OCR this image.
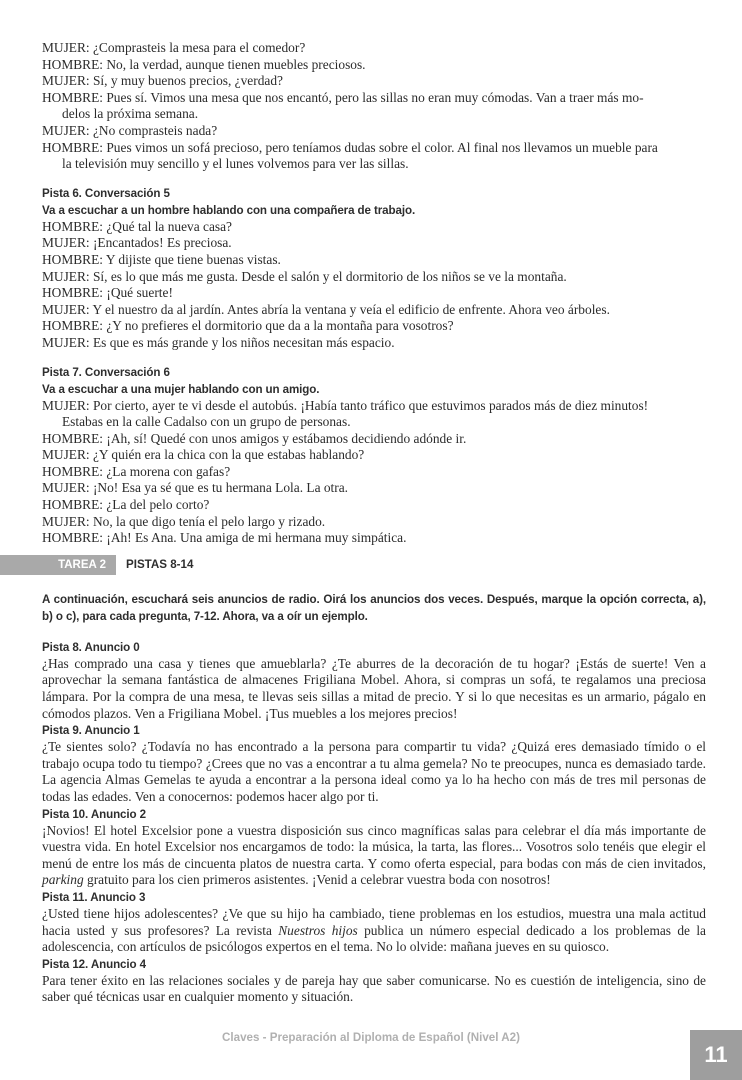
MUJER: ¿Comprasteis la mesa para el comedor?

HOMBRE: No, la verdad, aunque tienen muebles preciosos.

MUJER: Sí, y muy buenos precios, ¿verdad?

HOMBRE: Pues sí. Vimos una mesa que nos encantó, pero las sillas no eran muy cómodas. Van a traer más mo-

delos la próxima semana.

MUJER: ¿No comprasteis nada?

HOMBRE: Pues vimos un sofá precioso, pero teníamos dudas sobre el color. Al final nos llevamos un mueble para

la televisión muy sencillo y el lunes volvemos para ver las sillas.

Pista 6. Conversación 5
Va a escuchar a un hombre hablando con una compañera de trabajo.

HOMBRE: ¿Qué tal la nueva casa?

MUJER: ¡Encantados! Es preciosa.

HOMBRE: Y dijiste que tiene buenas vistas.

MUJER: Sí, es lo que más me gusta. Desde el salón y el dormitorio de los niños se ve la montaña.

HOMBRE: ¡Qué suerte!

MUJER: Y el nuestro da al jardín. Antes abría la ventana y veía el edificio de enfrente. Ahora veo árboles.

HOMBRE: ¿Y no prefieres el dormitorio que da a la montaña para vosotros?

MUJER: Es que es más grande y los niños necesitan más espacio.

Pista 7. Conversación 6
Va a escuchar a una mujer hablando con un amigo.

MUJER: Por cierto, ayer te vi desde el autobús. ¡Había tanto tráfico que estuvimos parados más de diez minutos!

Estabas en la calle Cadalso con un grupo de personas.

HOMBRE: ¡Ah, sí! Quedé con unos amigos y estábamos decidiendo adónde ir.

MUJER: ¿Y quién era la chica con la que estabas hablando?

HOMBRE: ¿La morena con gafas?

MUJER: ¡No! Esa ya sé que es tu hermana Lola. La otra.

HOMBRE: ¿La del pelo corto?

MUJER: No, la que digo tenía el pelo largo y rizado.

HOMBRE: ¡Ah! Es Ana. Una amiga de mi hermana muy simpática.

TAREA 2	PISTAS 8-14
A continuación, escuchará seis anuncios de radio. Oirá los anuncios dos veces. Después, marque la opción correcta, a), b) o c), para cada pregunta, 7-12. Ahora, va a oír un ejemplo.
Pista 8. Anuncio 0

¿Has comprado una casa y tienes que amueblarla? ¿Te aburres de la decoración de tu hogar? ¡Estás de suerte! Ven a aprovechar la semana fantástica de almacenes Frigiliana Mobel. Ahora, si compras un sofá, te regalamos una preciosa lámpara. Por la compra de una mesa, te llevas seis sillas a mitad de precio. Y si lo que necesitas es un armario, págalo en cómodos plazos. Ven a Frigiliana Mobel. ¡Tus muebles a los mejores precios!

Pista 9. Anuncio 1

¿Te sientes solo? ¿Todavía no has encontrado a la persona para compartir tu vida? ¿Quizá eres demasiado tímido o el trabajo ocupa todo tu tiempo? ¿Crees que no vas a encontrar a tu alma gemela? No te preocupes, nunca es demasiado tarde. La agencia Almas Gemelas te ayuda a encontrar a la persona ideal como ya lo ha hecho con más de tres mil personas de todas las edades. Ven a conocernos: podemos hacer algo por ti.

Pista 10. Anuncio 2

¡Novios! El hotel Excelsior pone a vuestra disposición sus cinco magníficas salas para celebrar el día más importante de vuestra vida. En hotel Excelsior nos encargamos de todo: la música, la tarta, las flores... Vosotros solo tenéis que elegir el menú de entre los más de cincuenta platos de nuestra carta. Y como oferta especial, para bodas con más de cien invitados, parking gratuito para los cien primeros asistentes. ¡Venid a celebrar vuestra boda con nosotros!

Pista 11. Anuncio 3

¿Usted tiene hijos adolescentes? ¿Ve que su hijo ha cambiado, tiene problemas en los estudios, muestra una mala actitud hacia usted y sus profesores? La revista Nuestros hijos publica un número especial dedicado a los problemas de la adolescencia, con artículos de psicólogos expertos en el tema. No lo olvide: mañana jueves en su quiosco.

Pista 12. Anuncio 4

Para tener éxito en las relaciones sociales y de pareja hay que saber comunicarse. No es cuestión de inteligencia, sino de saber qué técnicas usar en cualquier momento y situación.

Claves - Preparación al Diploma de Español (Nivel A2)
11
